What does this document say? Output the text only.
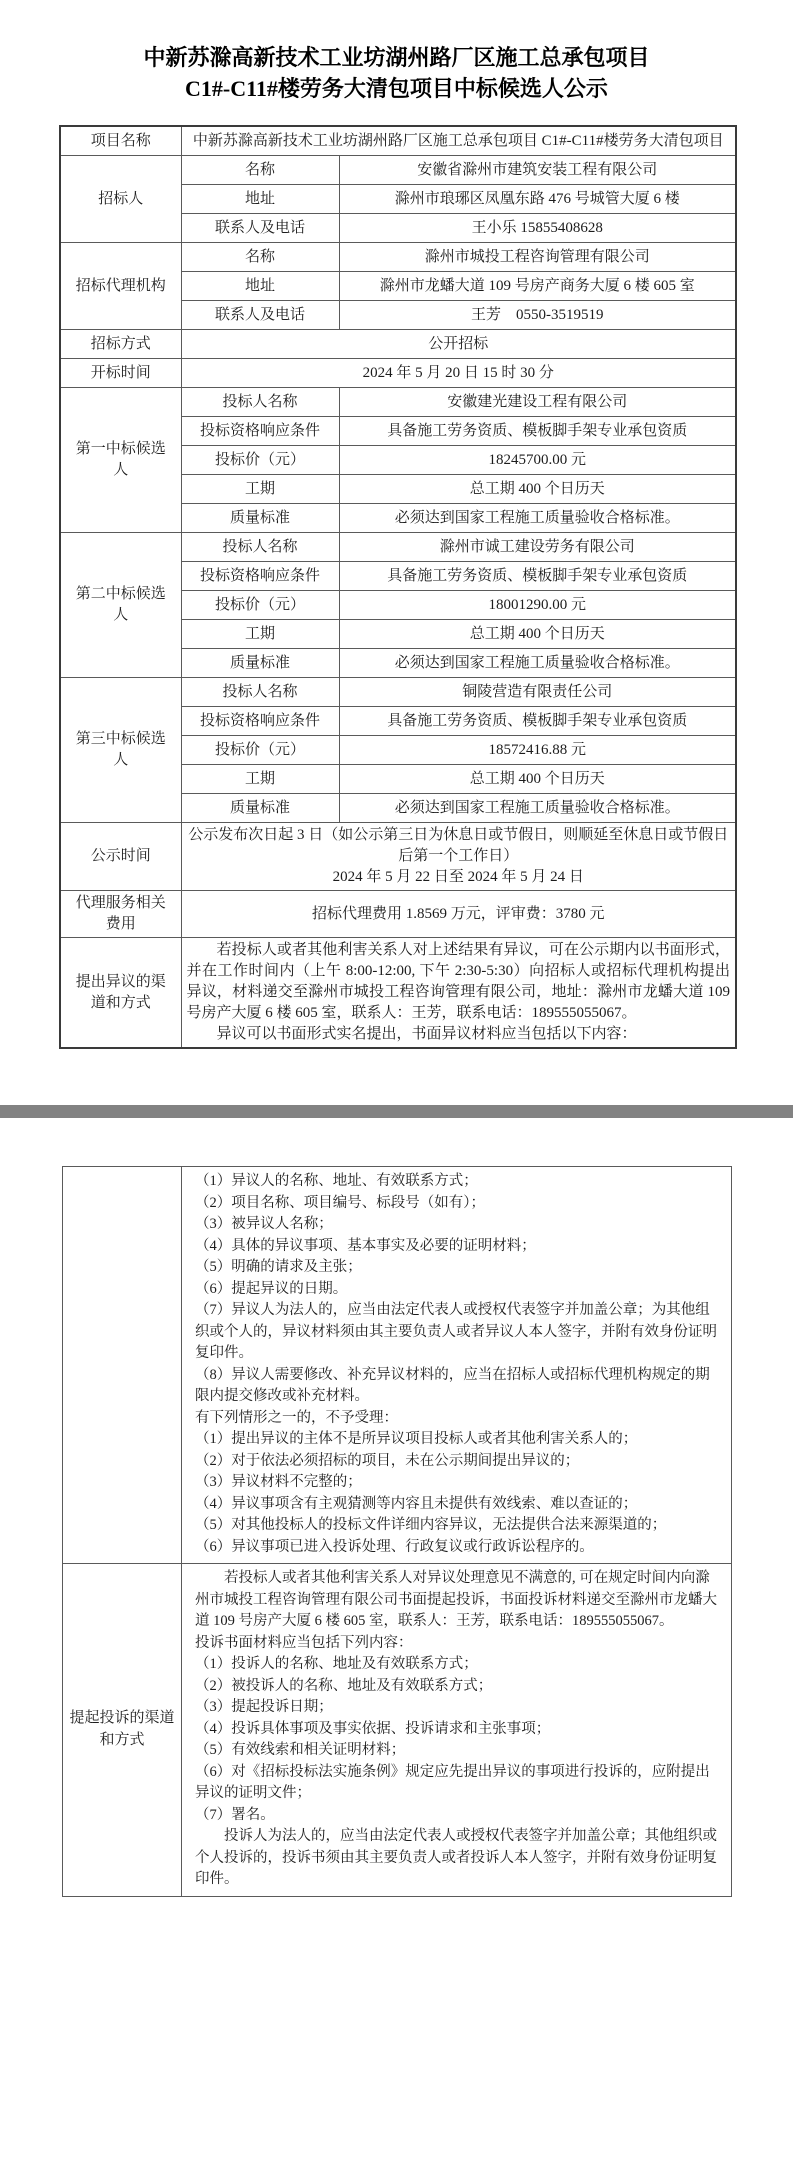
中新苏滁高新技术工业坊湖州路厂区施工总承包项目
C1#-C11#楼劳务大清包项目中标候选人公示
项目名称	中新苏滁高新技术工业坊湖州路厂区施工总承包项目 C1#-C11#楼劳务大清包项目	
招标人	名称	安徽省滁州市建筑安装工程有限公司
	地址	滁州市琅琊区凤凰东路 476 号城管大厦 6 楼
	联系人及电话	王小乐 15855408628
招标代理机构	名称	滁州市城投工程咨询管理有限公司
	地址	滁州市龙蟠大道 109 号房产商务大厦 6 楼 605 室
	联系人及电话	王芳　0550-3519519
招标方式	公开招标	
开标时间	2024 年 5 月 20 日 15 时 30 分	
第一中标候选人	投标人名称	安徽建光建设工程有限公司
	投标资格响应条件	具备施工劳务资质、模板脚手架专业承包资质
	投标价（元）	18245700.00 元
	工期	总工期 400 个日历天
	质量标准	必须达到国家工程施工质量验收合格标准。
第二中标候选人	投标人名称	滁州市诚工建设劳务有限公司
	投标资格响应条件	具备施工劳务资质、模板脚手架专业承包资质
	投标价（元）	18001290.00 元
	工期	总工期 400 个日历天
	质量标准	必须达到国家工程施工质量验收合格标准。
第三中标候选人	投标人名称	铜陵营造有限责任公司
	投标资格响应条件	具备施工劳务资质、模板脚手架专业承包资质
	投标价（元）	18572416.88 元
	工期	总工期 400 个日历天
	质量标准	必须达到国家工程施工质量验收合格标准。
公示时间	公示发布次日起 3 日（如公示第三日为休息日或节假日，则顺延至休息日或节假日后第一个工作日）
2024 年 5 月 22 日至 2024 年 5 月 24 日	

代理服务相关费用	招标代理费用 1.8569 万元，评审费：3780 元	
提出异议的渠道和方式	若投标人或者其他利害关系人对上述结果有异议，可在公示期内以书面形式，并在工作时间内（上午 8:00-12:00, 下午 2:30-5:30）向招标人或招标代理机构提出异议，材料递交至滁州市城投工程咨询管理有限公司，地址：滁州市龙蟠大道 109 号房产大厦 6 楼 605 室，联系人：王芳，联系电话：189555055067。
异议可以书面形式实名提出，书面异议材料应当包括以下内容：	

（1）异议人的名称、地址、有效联系方式；
（2）项目名称、项目编号、标段号（如有）；
（3）被异议人名称；
（4）具体的异议事项、基本事实及必要的证明材料；
（5）明确的请求及主张；
（6）提起异议的日期。
（7）异议人为法人的，应当由法定代表人或授权代表签字并加盖公章；为其他组织或个人的，异议材料须由其主要负责人或者异议人本人签字，并附有效身份证明复印件。
（8）异议人需要修改、补充异议材料的，应当在招标人或招标代理机构规定的期限内提交修改或补充材料。
有下列情形之一的，不予受理：
（1）提出异议的主体不是所异议项目投标人或者其他利害关系人的；
（2）对于依法必须招标的项目，未在公示期间提出异议的；
（3）异议材料不完整的；
（4）异议事项含有主观猜测等内容且未提供有效线索、难以查证的；
（5）对其他投标人的投标文件详细内容异议，无法提供合法来源渠道的；
（6）异议事项已进入投诉处理、行政复议或行政诉讼程序的。

提起投诉的渠道和方式	
若投标人或者其他利害关系人对异议处理意见不满意的, 可在规定时间内向滁州市城投工程咨询管理有限公司书面提起投诉，书面投诉材料递交至滁州市龙蟠大道 109 号房产大厦 6 楼 605 室，联系人：王芳，联系电话：189555055067。
投诉书面材料应当包括下列内容：
（1）投诉人的名称、地址及有效联系方式；
（2）被投诉人的名称、地址及有效联系方式；
（3）提起投诉日期；
（4）投诉具体事项及事实依据、投诉请求和主张事项；
（5）有效线索和相关证明材料；
（6）对《招标投标法实施条例》规定应先提出异议的事项进行投诉的，应附提出异议的证明文件；
（7）署名。
投诉人为法人的，应当由法定代表人或授权代表签字并加盖公章；其他组织或个人投诉的，投诉书须由其主要负责人或者投诉人本人签字，并附有效身份证明复印件。
